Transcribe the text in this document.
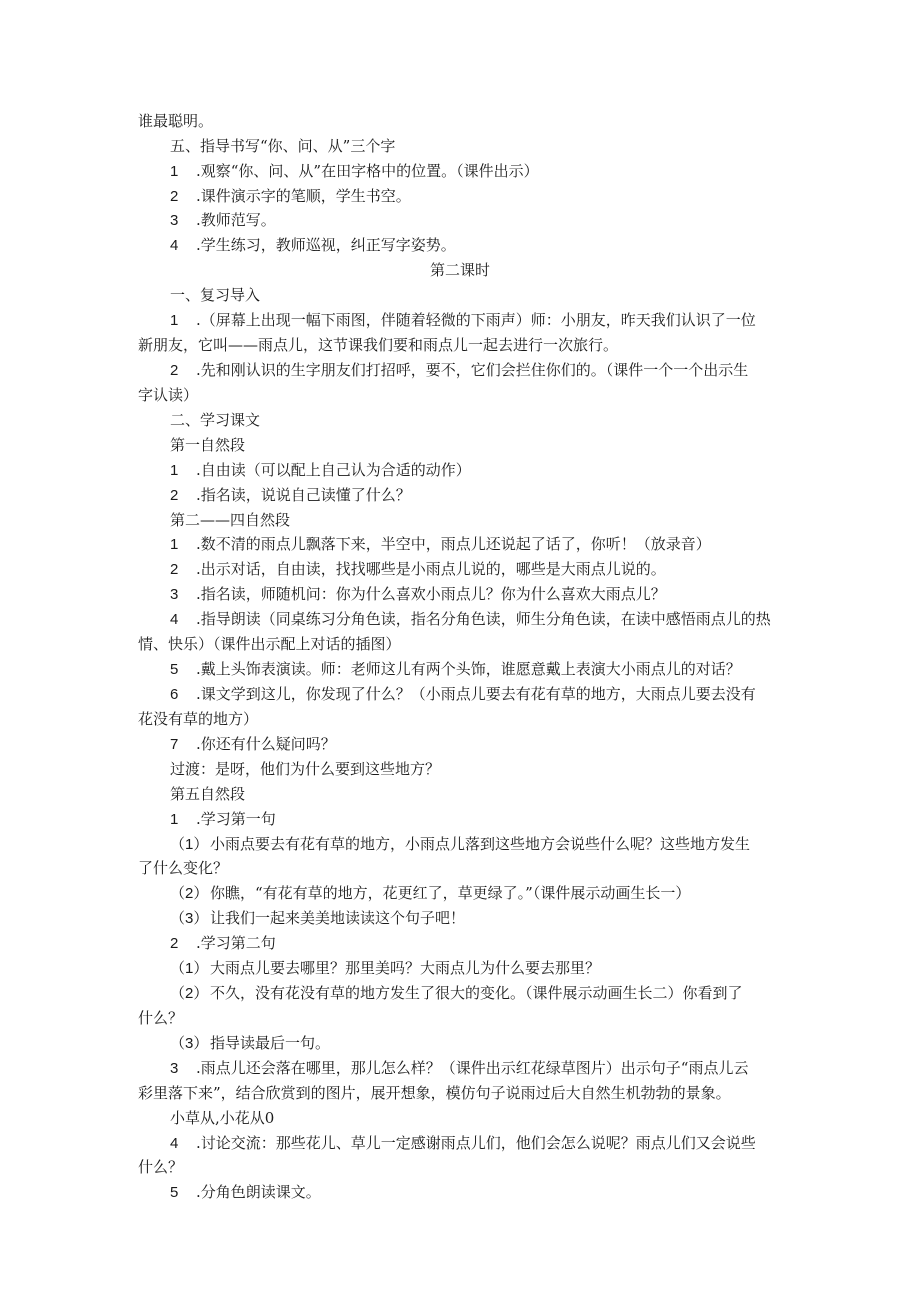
谁最聪明。
五、指导书写“你、问、从”三个字
1 .观察“你、问、从”在田字格中的位置。（课件出示）
2 .课件演示字的笔顺，学生书空。
3 .教师范写。
4 .学生练习，教师巡视，纠正写字姿势。
第二课时
一、复习导入
1 .（屏幕上出现一幅下雨图，伴随着轻微的下雨声）师：小朋友，昨天我们认识了一位
新朋友，它叫——雨点儿，这节课我们要和雨点儿一起去进行一次旅行。
2 .先和刚认识的生字朋友们打招呼，要不，它们会拦住你们的。（课件一个一个出示生
字认读）
二、学习课文
第一自然段
1 .自由读（可以配上自己认为合适的动作）
2 .指名读，说说自己读懂了什么？
第二——四自然段
1 .数不清的雨点儿飘落下来，半空中，雨点儿还说起了话了，你听！（放录音）
2 .出示对话，自由读，找找哪些是小雨点儿说的，哪些是大雨点儿说的。
3 .指名读，师随机问：你为什么喜欢小雨点儿？你为什么喜欢大雨点儿？
4 .指导朗读（同桌练习分角色读，指名分角色读，师生分角色读，在读中感悟雨点儿的热
情、快乐）（课件出示配上对话的插图）
5 .戴上头饰表演读。师：老师这儿有两个头饰，谁愿意戴上表演大小雨点儿的对话？
6 .课文学到这儿，你发现了什么？（小雨点儿要去有花有草的地方，大雨点儿要去没有
花没有草的地方）
7 .你还有什么疑问吗？
过渡：是呀，他们为什么要到这些地方？
第五自然段
1 .学习第一句
（1） 小雨点要去有花有草的地方，小雨点儿落到这些地方会说些什么呢？这些地方发生
了什么变化？
（2） 你瞧，“有花有草的地方，花更红了，草更绿了。”（课件展示动画生长一）
（3） 让我们一起来美美地读读这个句子吧！
2 .学习第二句
（1） 大雨点儿要去哪里？那里美吗？大雨点儿为什么要去那里？
（2） 不久，没有花没有草的地方发生了很大的变化。（课件展示动画生长二）你看到了
什么？
（3） 指导读最后一句。
3 .雨点儿还会落在哪里，那儿怎么样？（课件出示红花绿草图片）出示句子“雨点儿云
彩里落下来”，结合欣赏到的图片，展开想象，模仿句子说雨过后大自然生机勃勃的景象。
小草从,小花从0
4 .讨论交流：那些花儿、草儿一定感谢雨点儿们，他们会怎么说呢？雨点儿们又会说些
什么？
5 .分角色朗读课文。
